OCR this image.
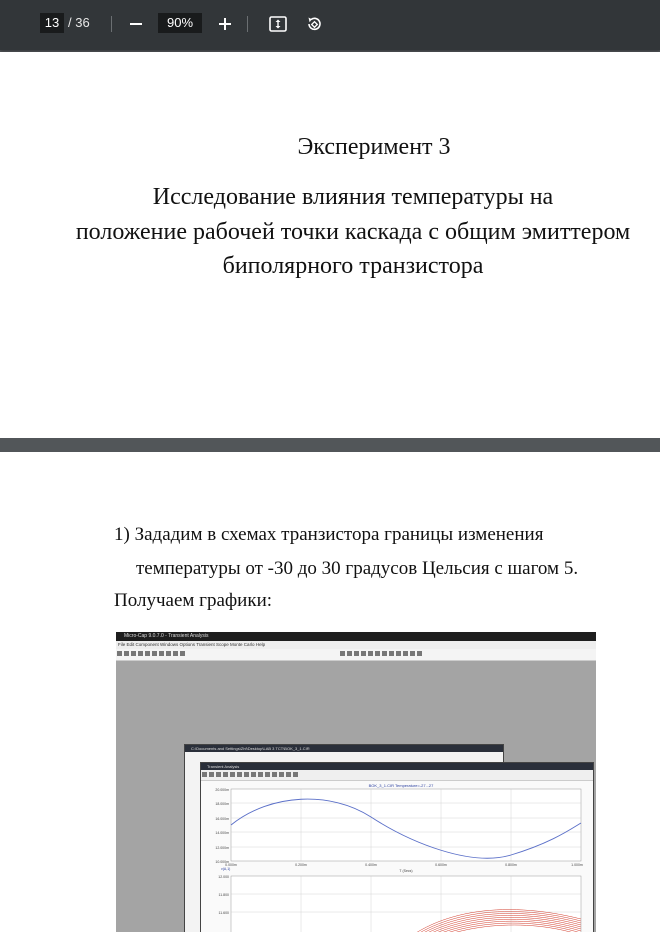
13 / 36	90%
Эксперимент 3
Исследование влияния температуры на
положение рабочей точки каскада с общим эмиттером
биполярного транзистора
1) Зададим в схемах транзистора границы изменения
температуры от -30 до 30 градусов Цельсия с шагом 5.
Получаем графики:
Micro-Cap 9.0.7.0 - Transient Analysis
File Edit Component Windows Options Transient Scope Monte Carlo Help

C:\Documents and Settings\Zhf\Desktop\LAB 3 TCT\BOK_3_1.CIR
Transient Analysis
BOK_3_1.CIR Temperature=-27...27
20.000m
18.000m
16.000m
14.000m
12.000m
10.000m
0.000m	0.200m	0.400m	0.600m	0.800m	1.000m
T (Secs)
v(A,1)
12.000
11.800
11.600
